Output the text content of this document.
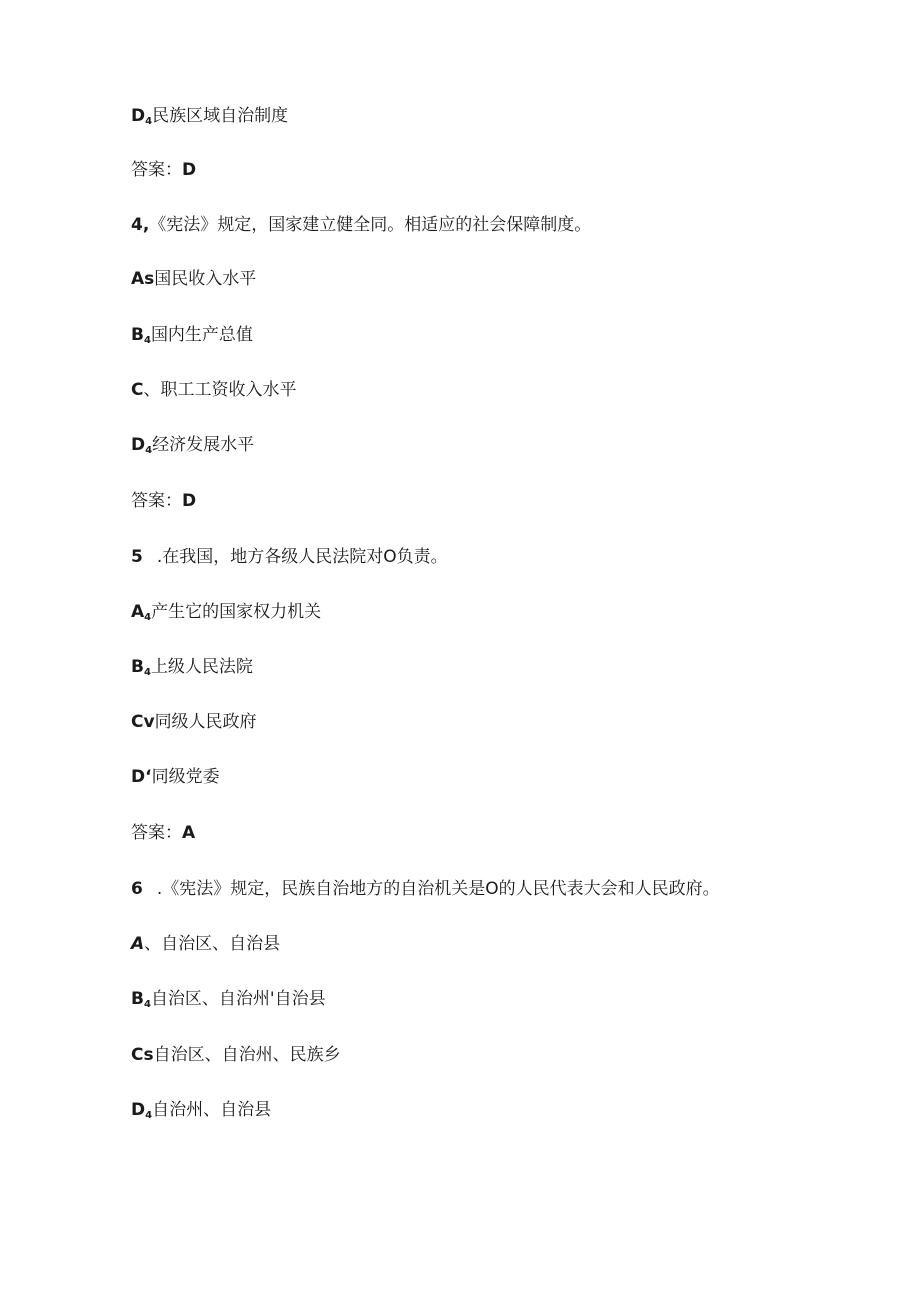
$D_4$民族区域自治制度
答案：D
4,《宪法》规定，国家建立健全同。相适应的社会保障制度。
As国民收入水平
$B_4$国内生产总值
C、职工工资收入水平
$D_4$经济发展水平
答案：D
5 .在我国，地方各级人民法院对O负责。
$A_4$产生它的国家权力机关
$B_4$上级人民法院
Cv同级人民政府
D‘同级党委
答案：A
6 .《宪法》规定，民族自治地方的自治机关是O的人民代表大会和人民政府。
A、自治区、自治县
$B_4$自治区、自治州'自治县
Cs自治区、自治州、民族乡
$D_4$自治州、自治县
